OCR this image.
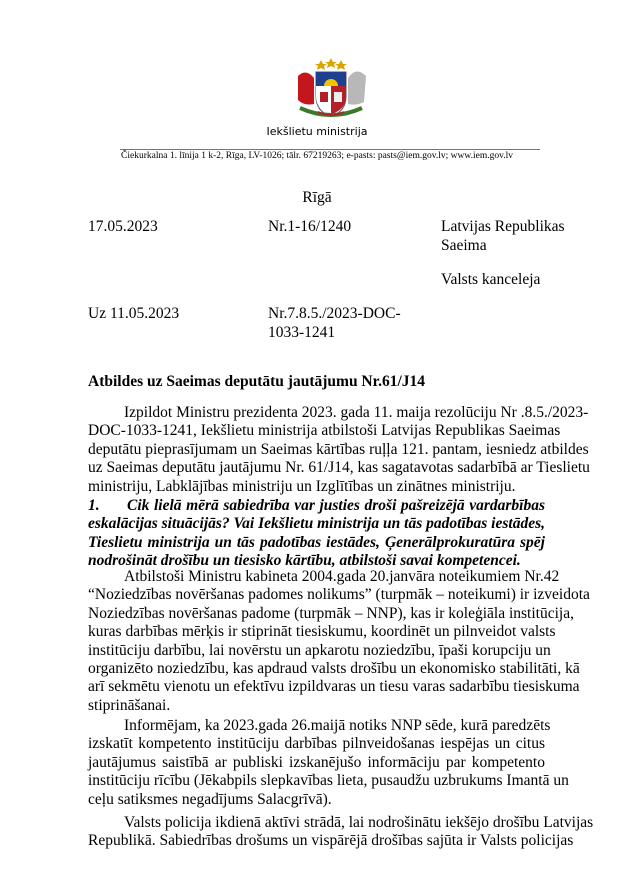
Iekšlietu ministrija
Čiekurkalna 1. līnija 1 k-2, Rīga, LV-1026; tālr. 67219263; e-pasts: pasts@iem.gov.lv; www.iem.gov.lv
Rīgā
17.05.2023	Nr.1-16/1240	Latvijas Republikas
Saeima
Valsts kanceleja
Uz 11.05.2023	Nr.7.8.5./2023-DOC-
1033-1241
Atbildes uz Saeimas deputātu jautājumu Nr.61/J14
Izpildot Ministru prezidenta 2023. gada 11. maija rezolūciju Nr .8.5./2023-
DOC-1033-1241, Iekšlietu ministrija atbilstoši Latvijas Republikas Saeimas
deputātu pieprasījumam un Saeimas kārtības ruļļa 121. pantam, iesniedz atbildes
uz Saeimas deputātu jautājumu Nr. 61/J14, kas sagatavotas sadarbībā ar Tieslietu
ministriju, Labklājības ministriju un Izglītības un zinātnes ministriju.
1.      Cik lielā mērā sabiedrība var justies droši pašreizējā vardarbības
eskalācijas situācijās? Vai Iekšlietu ministrija un tās padotības iestādes,
Tieslietu ministrija un tās padotības iestādes, Ģenerālprokuratūra spēj
nodrošināt drošību un tiesisko kārtību, atbilstoši savai kompetencei.
Atbilstoši Ministru kabineta 2004.gada 20.janvāra noteikumiem Nr.42
“Noziedzības novēršanas padomes nolikums” (turpmāk – noteikumi) ir izveidota
Noziedzības novēršanas padome (turpmāk – NNP), kas ir koleģiāla institūcija,
kuras darbības mērķis ir stiprināt tiesiskumu, koordinēt un pilnveidot valsts
institūciju darbību, lai novērstu un apkarotu noziedzību, īpaši korupciju un
organizēto noziedzību, kas apdraud valsts drošību un ekonomisko stabilitāti, kā
arī sekmētu vienotu un efektīvu izpildvaras un tiesu varas sadarbību tiesiskuma
stiprināšanai.
Informējam, ka 2023.gada 26.maijā notiks NNP sēde, kurā paredzēts
izskatīt kompetento institūciju darbības pilnveidošanas iespējas un citus
jautājumus saistībā ar publiski izskanējušo informāciju par kompetento
institūciju rīcību (Jēkabpils slepkavības lieta, pusaudžu uzbrukums Imantā un
ceļu satiksmes negadījums Salacgrīvā).
Valsts policija ikdienā aktīvi strādā, lai nodrošinātu iekšējo drošību Latvijas
Republikā. Sabiedrības drošums un vispārējā drošības sajūta ir Valsts policijas
